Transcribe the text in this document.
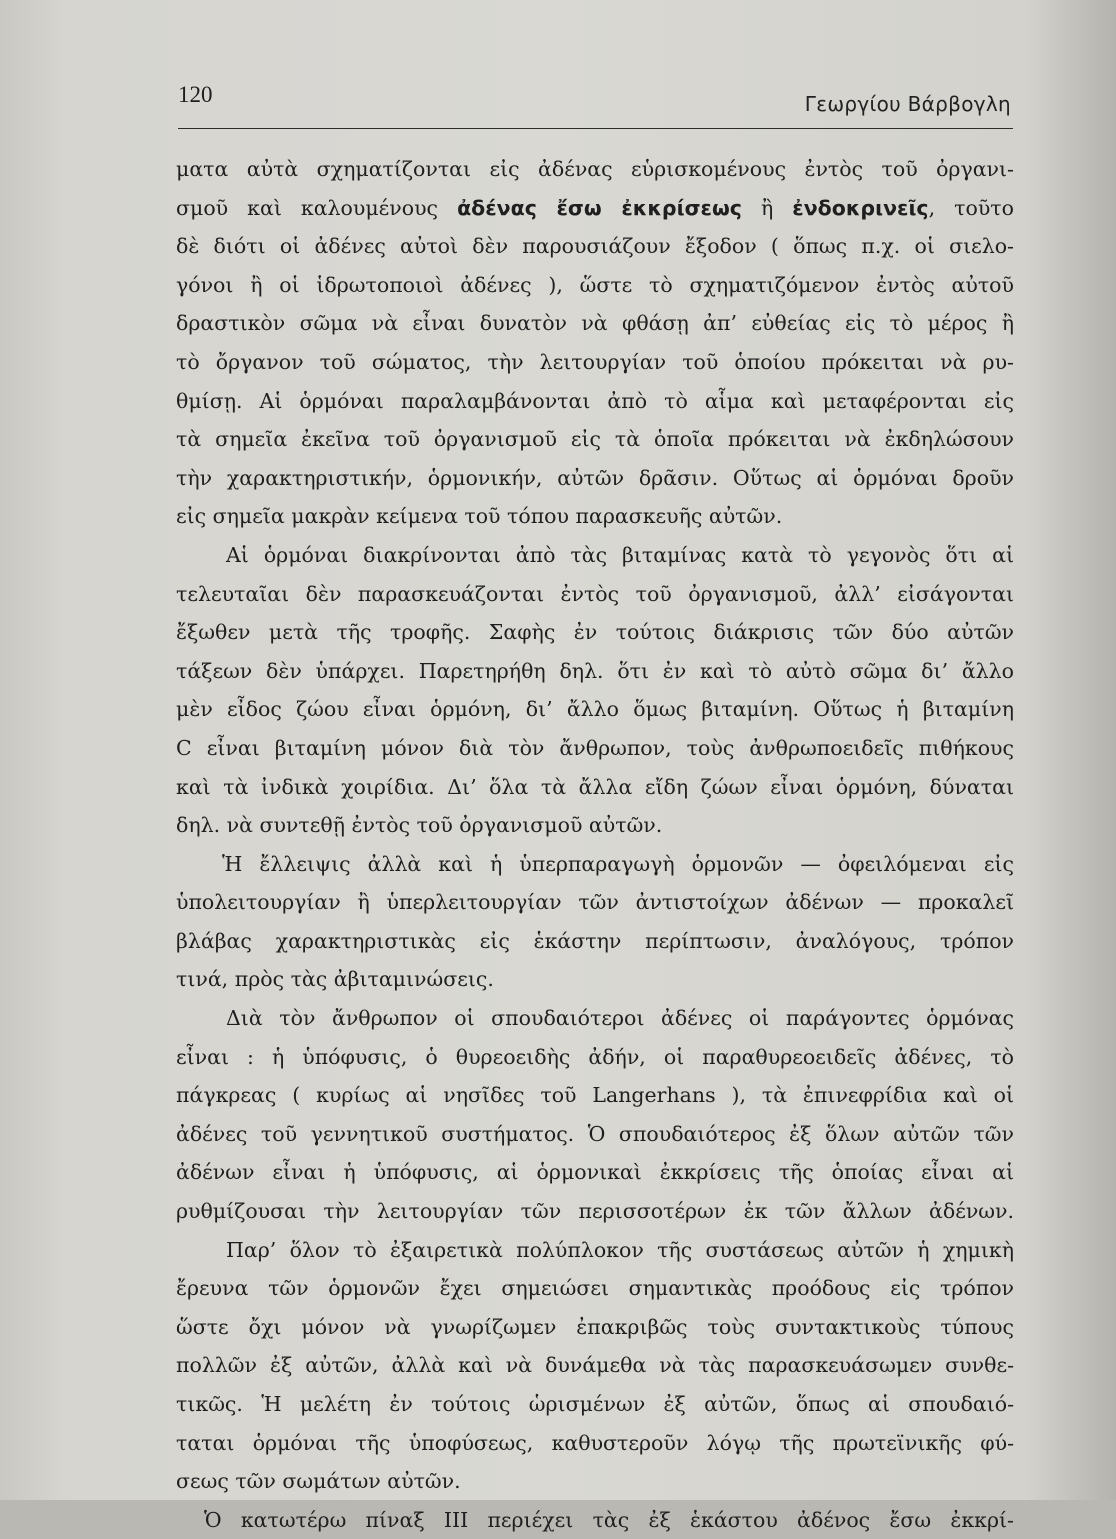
120	Γεωργίου Βάρβογλη
ματα αὐτὰ σχηματίζονται εἰς ἀδένας εὑρισκομένους ἐντὸς τοῦ ὀργανι-
σμοῦ καὶ καλουμένους ἀδένας ἔσω ἐκκρίσεως ἢ ἐνδοκρινεῖς, τοῦτο
δὲ διότι οἱ ἀδένες αὐτοὶ δὲν παρουσιάζουν ἔξοδον ( ὅπως π.χ. οἱ σιελο-
γόνοι ἢ οἱ ἱδρωτοποιοὶ ἀδένες ), ὥστε τὸ σχηματιζόμενον ἐντὸς αὐτοῦ
δραστικὸν σῶμα νὰ εἶναι δυνατὸν νὰ φθάσῃ ἀπ’ εὐθείας εἰς τὸ μέρος ἢ
τὸ ὄργανον τοῦ σώματος, τὴν λειτουργίαν τοῦ ὁποίου πρόκειται νὰ ρυ-
θμίσῃ. Αἱ ὁρμόναι παραλαμβάνονται ἀπὸ τὸ αἷμα καὶ μεταφέρονται εἰς
τὰ σημεῖα ἐκεῖνα τοῦ ὀργανισμοῦ εἰς τὰ ὁποῖα πρόκειται νὰ ἐκδηλώσουν
τὴν χαρακτηριστικήν, ὁρμονικήν, αὐτῶν δρᾶσιν. Οὕτως αἱ ὁρμόναι δροῦν
εἰς σημεῖα μακρὰν κείμενα τοῦ τόπου παρασκευῆς αὐτῶν.
Αἱ ὁρμόναι διακρίνονται ἀπὸ τὰς βιταμίνας κατὰ τὸ γεγονὸς ὅτι αἱ
τελευταῖαι δὲν παρασκευάζονται ἐντὸς τοῦ ὀργανισμοῦ, ἀλλ’ εἰσάγονται
ἔξωθεν μετὰ τῆς τροφῆς. Σαφὴς ἐν τούτοις διάκρισις τῶν δύο αὐτῶν
τάξεων δὲν ὑπάρχει. Παρετηρήθη δηλ. ὅτι ἐν καὶ τὸ αὐτὸ σῶμα δι’ ἄλλο
μὲν εἶδος ζώου εἶναι ὁρμόνη, δι’ ἄλλο ὅμως βιταμίνη. Οὕτως ἡ βιταμίνη
C εἶναι βιταμίνη μόνον διὰ τὸν ἄνθρωπον, τοὺς ἀνθρωποειδεῖς πιθήκους
καὶ τὰ ἰνδικὰ χοιρίδια. Δι’ ὅλα τὰ ἄλλα εἴδη ζώων εἶναι ὁρμόνη, δύναται
δηλ. νὰ συντεθῇ ἐντὸς τοῦ ὀργανισμοῦ αὐτῶν.
Ἡ ἔλλειψις ἀλλὰ καὶ ἡ ὑπερπαραγωγὴ ὁρμονῶν — ὀφειλόμεναι εἰς
ὑπολειτουργίαν ἢ ὑπερλειτουργίαν τῶν ἀντιστοίχων ἀδένων — προκαλεῖ
βλάβας χαρακτηριστικὰς εἰς ἑκάστην περίπτωσιν, ἀναλόγους, τρόπον
τινά, πρὸς τὰς ἀβιταμινώσεις.
Διὰ τὸν ἄνθρωπον οἱ σπουδαιότεροι ἀδένες οἱ παράγοντες ὁρμόνας
εἶναι : ἡ ὑπόφυσις, ὁ θυρεοειδὴς ἀδήν, οἱ παραθυρεοειδεῖς ἀδένες, τὸ
πάγκρεας ( κυρίως αἱ νησῖδες τοῦ Langerhans ), τὰ ἐπινεφρίδια καὶ οἱ
ἀδένες τοῦ γεννητικοῦ συστήματος. Ὁ σπουδαιότερος ἐξ ὅλων αὐτῶν τῶν
ἀδένων εἶναι ἡ ὑπόφυσις, αἱ ὁρμονικαὶ ἐκκρίσεις τῆς ὁποίας εἶναι αἱ
ρυθμίζουσαι τὴν λειτουργίαν τῶν περισσοτέρων ἐκ τῶν ἄλλων ἀδένων.
Παρ’ ὅλον τὸ ἐξαιρετικὰ πολύπλοκον τῆς συστάσεως αὐτῶν ἡ χημικὴ
ἔρευνα τῶν ὁρμονῶν ἔχει σημειώσει σημαντικὰς προόδους εἰς τρόπον
ὥστε ὄχι μόνον νὰ γνωρίζωμεν ἐπακριβῶς τοὺς συντακτικοὺς τύπους
πολλῶν ἐξ αὐτῶν, ἀλλὰ καὶ νὰ δυνάμεθα νὰ τὰς παρασκευάσωμεν συνθε-
τικῶς. Ἡ μελέτη ἐν τούτοις ὡρισμένων ἐξ αὐτῶν, ὅπως αἱ σπουδαιό-
ταται ὁρμόναι τῆς ὑποφύσεως, καθυστεροῦν λόγῳ τῆς πρωτεϊνικῆς φύ-
σεως τῶν σωμάτων αὐτῶν.
Ὁ κατωτέρω πίναξ III περιέχει τὰς ἐξ ἑκάστου ἀδένος ἔσω ἐκκρί-
